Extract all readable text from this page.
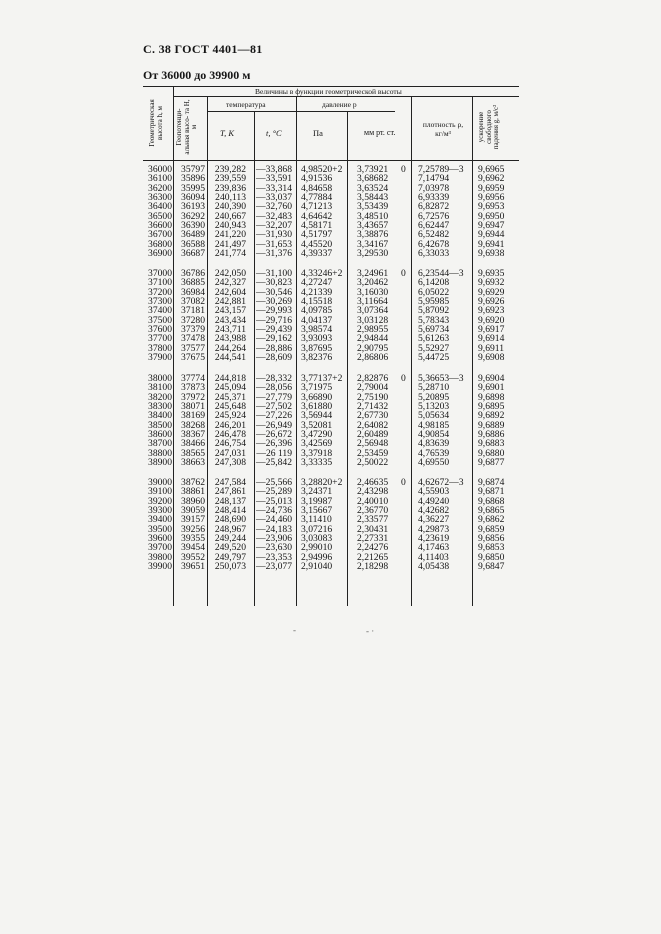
С. 38 ГОСТ 4401—81
От 36000 до 39900 м
Геометрическая высота h, м
Величины в функции геометрической высоты
Геопотенци- альная высо- та H, м
температура
T, K	t, °C
давление p
Па	мм рт. ст.
плотность ρ, кг/м³	ускорение свободного падения g, м/с²
36000 35797 239,282 —33,868 4,98520+2 3,73921 0 7,25789—3 9,6965
36100 35896 239,559 —33,591 4,91536	3,68682	7,14794	9,6962
36200 35995 239,836 —33,314 4,84658	3,63524	7,03978	9,6959
36300 36094 240,113 —33,037 4,77884	3,58443	6,93339	9,6956
36400 36193 240,390 —32,760 4,71213	3,53439	6,82872	9,6953
36500 36292 240,667 —32,483 4,64642	3,48510	6,72576	9,6950
36600 36390 240,943 —32,207 4,58171	3,43657	6,62447	9,6947
36700 36489 241,220 —31,930 4,51797	3,38876	6,52482	9,6944
36800 36588 241,497 —31,653 4,45520	3,34167	6,42678	9,6941
36900 36687 241,774 —31,376 4,39337	3,29530	6,33033	9,6938
37000 36786 242,050 —31,100 4,33246+2 3,24961 0 6,23544—3 9,6935
37100 36885 242,327 —30,823 4,27247	3,20462	6,14208	9,6932
37200 36984 242,604 —30,546 4,21339	3,16030	6,05022	9,6929
37300 37082 242,881 —30,269 4,15518	3,11664	5,95985	9,6926
37400 37181 243,157 —29,993 4,09785	3,07364	5,87092	9,6923
37500 37280 243,434 —29,716 4,04137	3,03128	5,78343	9,6920
37600 37379 243,711 —29,439 3,98574	2,98955	5,69734	9,6917
37700 37478 243,988 —29,162 3,93093	2,94844	5,61263	9,6914
37800 37577 244,264 —28,886 3,87695	2,90795	5,52927	9,6911
37900 37675 244,541 —28,609 3,82376	2,86806	5,44725	9,6908
38000 37774 244,818 —28,332 3,77137+2 2,82876 0 5,36653—3 9,6904
38100 37873 245,094 —28,056 3,71975	2,79004	5,28710	9,6901
38200 37972 245,371 —27,779 3,66890	2,75190	5,20895	9,6898
38300 38071 245,648 —27,502 3,61880	2,71432	5,13203	9,6895
38400 38169 245,924 —27,226 3,56944	2,67730	5,05634	9,6892
38500 38268 246,201 —26,949 3,52081	2,64082	4,98185	9,6889
38600 38367 246,478 —26,672 3,47290	2,60489	4,90854	9,6886
38700 38466 246,754 —26,396 3,42569	2,56948	4,83639	9,6883
38800 38565 247,031 —26 119 3,37918	2,53459	4,76539	9,6880
38900 38663 247,308 —25,842 3,33335	2,50022	4,69550	9,6877
39000 38762 247,584 —25,566 3,28820+2 2,46635 0 4,62672—3 9,6874
39100 38861 247,861 —25,289 3,24371	2,43298	4,55903	9,6871
39200 38960 248,137 —25,013 3,19987	2,40010	4,49240	9,6868
39300 39059 248,414 —24,736 3,15667	2,36770	4,42682	9,6865
39400 39157 248,690 —24,460 3,11410	2,33577	4,36227	9,6862
39500 39256 248,967 —24,183 3,07216	2,30431	4,29873	9,6859
39600 39355 249,244 —23,906 3,03083	2,27331	4,23619	9,6856
39700 39454 249,520 —23,630 2,99010	2,24276	4,17463	9,6853
39800 39552 249,797 —23,353 2,94996	2,21265	4,11403	9,6850
39900 39651 250,073 —23,077 2,91040	2,18298	4,05438	9,6847
-	- ·
